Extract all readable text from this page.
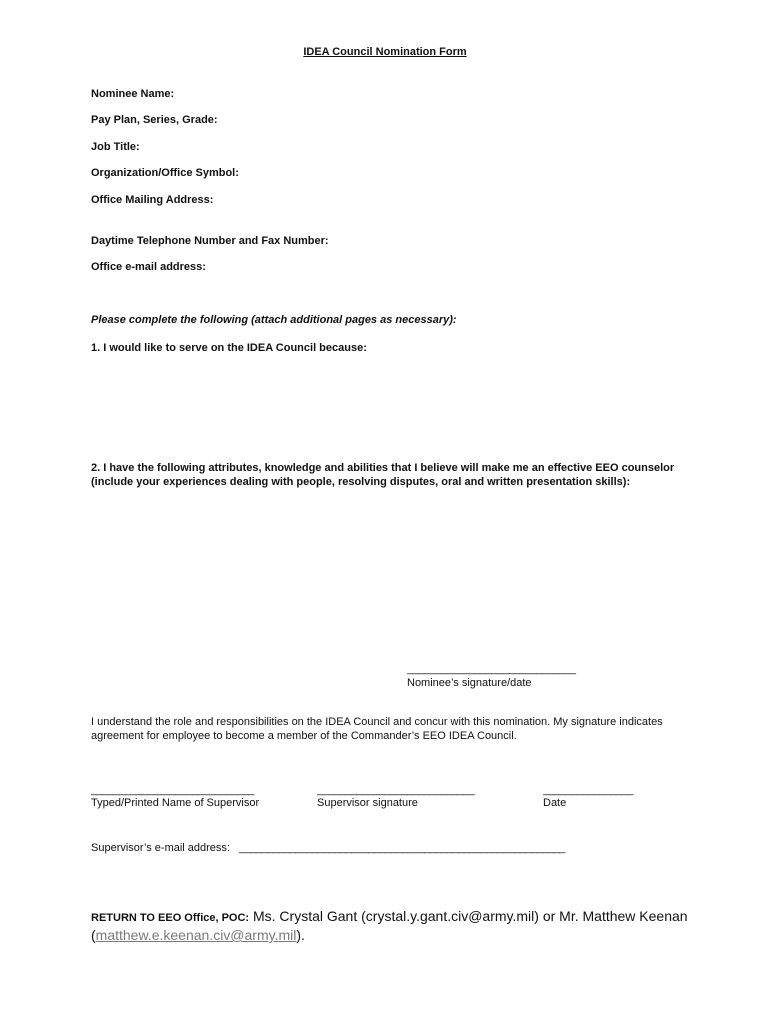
IDEA Council Nomination Form
Nominee Name:
Pay Plan, Series, Grade:
Job Title:
Organization/Office Symbol:
Office Mailing Address:
Daytime Telephone Number and Fax Number:
Office e-mail address:
Please complete the following (attach additional pages as necessary):
1. I would like to serve on the IDEA Council because:
2. I have the following attributes, knowledge and abilities that I believe will make me an effective EEO counselor (include your experiences dealing with people, resolving disputes, oral and written presentation skills):
______________________________
Nominee’s signature/date
I understand the role and responsibilities on the IDEA Council and concur with this nomination. My signature indicates agreement for employee to become a member of the Commander’s EEO IDEA Council.
_____________________________
Typed/Printed Name of Supervisor
____________________________
Supervisor signature
________________
Date
Supervisor’s e-mail address: __________________________________________________________
RETURN TO EEO Office, POC: Ms. Crystal Gant (crystal.y.gant.civ@army.mil) or Mr. Matthew Keenan (matthew.e.keenan.civ@army.mil).
